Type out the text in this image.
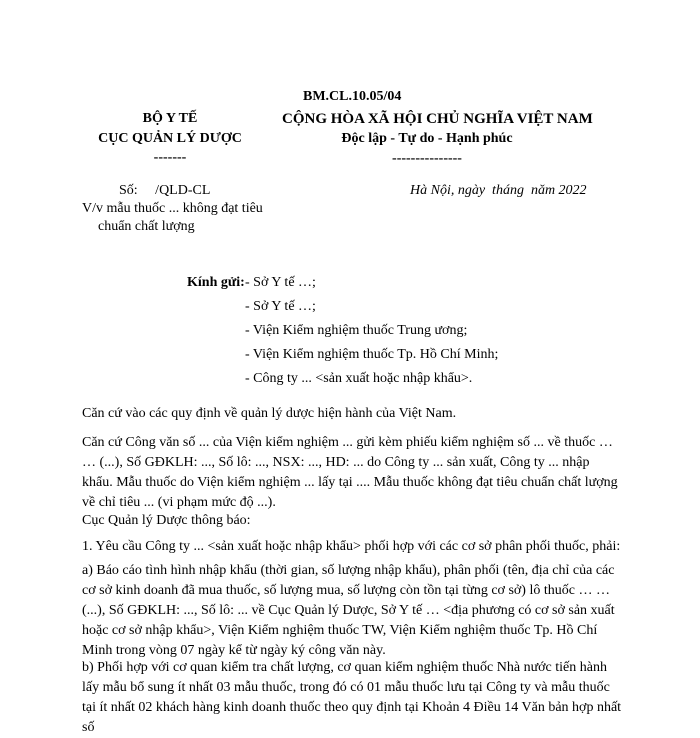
BM.CL.10.05/04
BỘ Y TẾ
CỤC QUẢN LÝ DƯỢC
-------
CỘNG HÒA XÃ HỘI CHỦ NGHĨA VIỆT NAM
Độc lập - Tự do - Hạnh phúc
---------------
Số:     /QLD-CL
V/v mẫu thuốc ... không đạt tiêu
chuẩn chất lượng
Hà Nội, ngày  tháng  năm 2022
Kính gửi: - Sở Y tế …;
- Sở Y tế …;
- Viện Kiểm nghiệm thuốc Trung ương;
- Viện Kiểm nghiệm thuốc Tp. Hồ Chí Minh;
- Công ty ... <sản xuất hoặc nhập khẩu>.
Căn cứ vào các quy định về quản lý dược hiện hành của Việt Nam.
Căn cứ Công văn số ... của Viện kiểm nghiệm ... gửi kèm phiếu kiểm nghiệm số ... về thuốc … … (...), Số GĐKLH: ..., Số lô: ..., NSX: ..., HD: ... do Công ty ... sản xuất, Công ty ... nhập khẩu. Mẫu thuốc do Viện kiểm nghiệm ... lấy tại .... Mẫu thuốc không đạt tiêu chuẩn chất lượng về chỉ tiêu ... (vi phạm mức độ ...).
Cục Quản lý Dược thông báo:
1. Yêu cầu Công ty ... <sản xuất hoặc nhập khẩu> phối hợp với các cơ sở phân phối thuốc, phải:
a) Báo cáo tình hình nhập khẩu (thời gian, số lượng nhập khẩu), phân phối (tên, địa chỉ của các cơ sở kinh doanh đã mua thuốc, số lượng mua, số lượng còn tồn tại từng cơ sở) lô thuốc … … (...), Số GĐKLH: ..., Số lô: ... về Cục Quản lý Dược, Sở Y tế … <địa phương có cơ sở sản xuất hoặc cơ sở nhập khẩu>, Viện Kiểm nghiệm thuốc TW, Viện Kiểm nghiệm thuốc Tp. Hồ Chí Minh trong vòng 07 ngày kể từ ngày ký công văn này.
b) Phối hợp với cơ quan kiểm tra chất lượng, cơ quan kiểm nghiệm thuốc Nhà nước tiến hành lấy mẫu bổ sung ít nhất 03 mẫu thuốc, trong đó có 01 mẫu thuốc lưu tại Công ty và mẫu thuốc tại ít nhất 02 khách hàng kinh doanh thuốc theo quy định tại Khoản 4 Điều 14 Văn bản hợp nhất số
